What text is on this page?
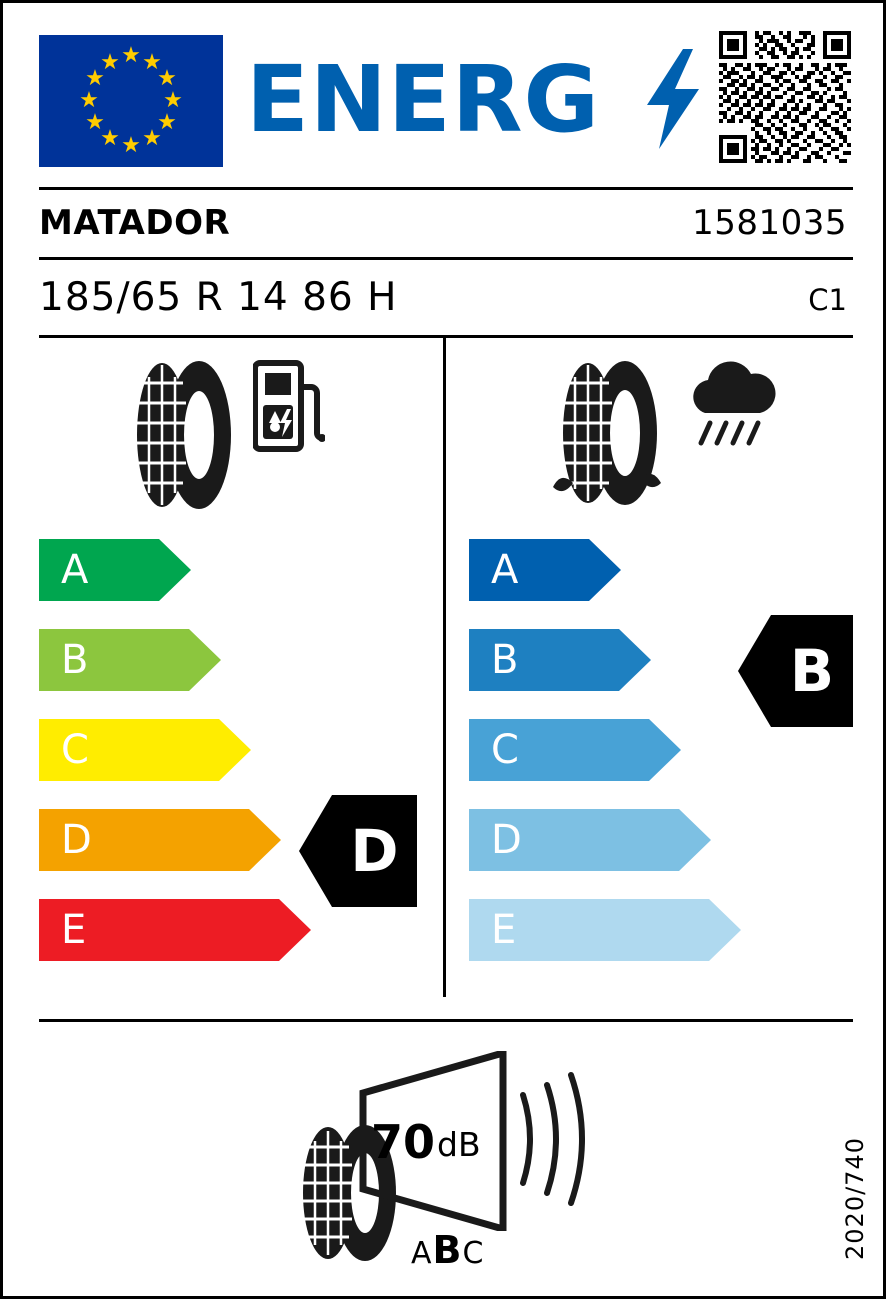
★ ★
★
★
★
★
★
★
★
★
★
★ ENERG
MATADOR	1581035
185/65 R 14 86 H	C1
A
B
C
D
E
D
A
B
C
D
E
B
70 dB
ABC	2020/740
